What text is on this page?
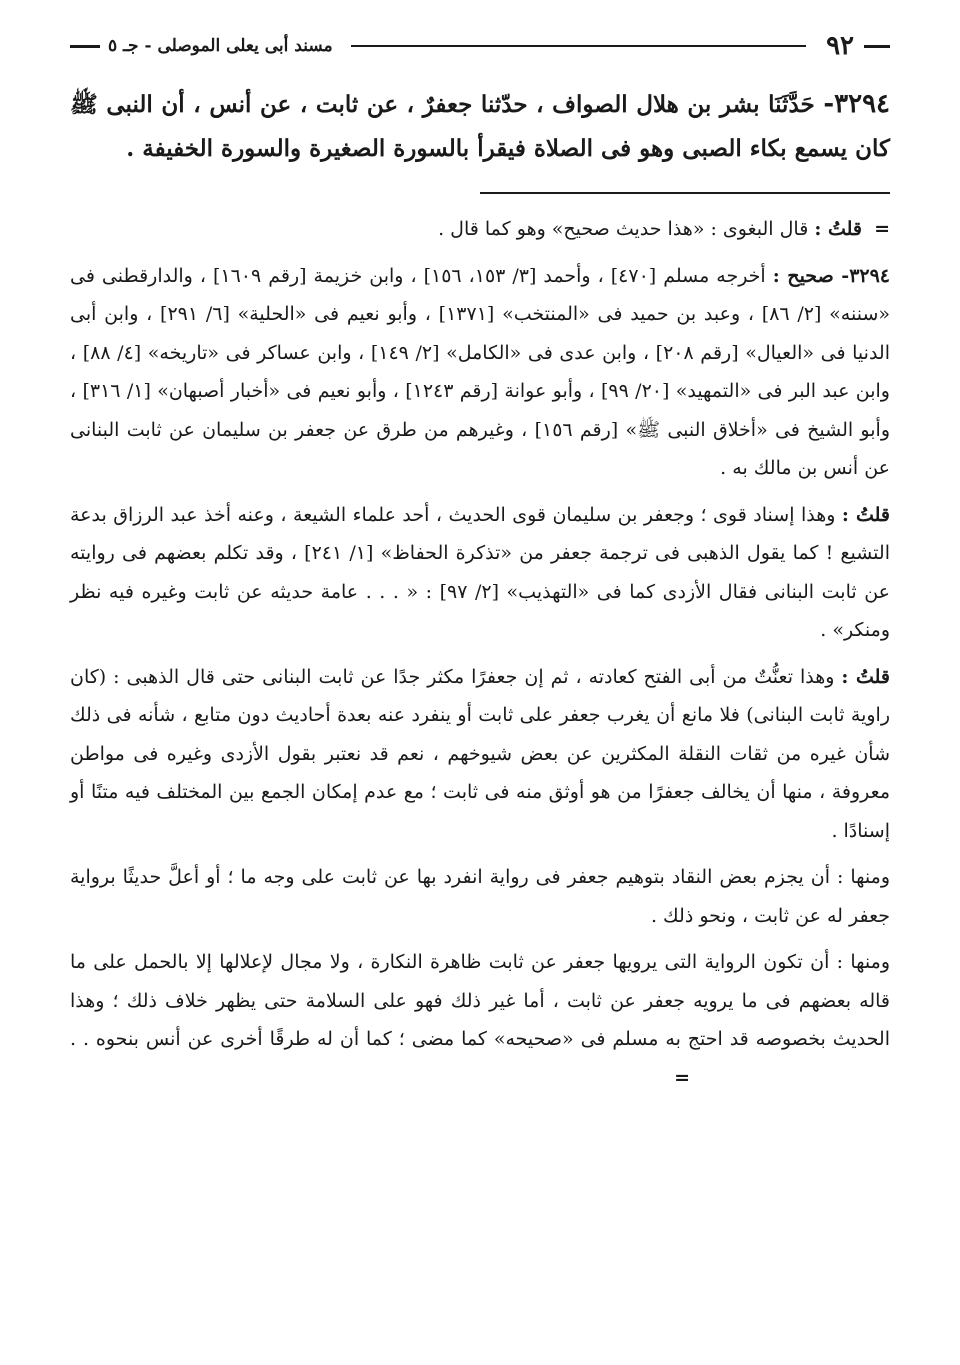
٩٢
مسند أبى يعلى الموصلى - جـ ٥
٣٢٩٤- حَدَّثَنَا بشر بن هلال الصواف ، حدّثنا جعفرٌ ، عن ثابت ، عن أنس ، أن النبى ﷺ كان يسمع بكاء الصبى وهو فى الصلاة فيقرأ بالسورة الصغيرة والسورة الخفيفة .

= قلتُ : قال البغوى : «هذا حديث صحيح» وهو كما قال .

٣٢٩٤- صحيح : أخرجه مسلم [٤٧٠] ، وأحمد [٣/ ١٥٣، ١٥٦] ، وابن خزيمة [رقم ١٦٠٩] ، والدارقطنى فى «سننه» [٢/ ٨٦] ، وعبد بن حميد فى «المنتخب» [١٣٧١] ، وأبو نعيم فى «الحلية» [٦/ ٢٩١] ، وابن أبى الدنيا فى «العيال» [رقم ٢٠٨] ، وابن عدى فى «الكامل» [٢/ ١٤٩] ، وابن عساكر فى «تاريخه» [٤/ ٨٨] ، وابن عبد البر فى «التمهيد» [٢٠/ ٩٩] ، وأبو عوانة [رقم ١٢٤٣] ، وأبو نعيم فى «أخبار أصبهان» [١/ ٣١٦] ، وأبو الشيخ فى «أخلاق النبى ﷺ» [رقم ١٥٦] ، وغيرهم من طرق عن جعفر بن سليمان عن ثابت البنانى عن أنس بن مالك به .

قلتُ : وهذا إسناد قوى ؛ وجعفر بن سليمان قوى الحديث ، أحد علماء الشيعة ، وعنه أخذ عبد الرزاق بدعة التشيع ! كما يقول الذهبى فى ترجمة جعفر من «تذكرة الحفاظ» [١/ ٢٤١] ، وقد تكلم بعضهم فى روايته عن ثابت البنانى فقال الأزدى كما فى «التهذيب» [٢/ ٩٧] : « . . . عامة حديثه عن ثابت وغيره فيه نظر ومنكر» .

قلتُ : وهذا تعنُّتٌ من أبى الفتح كعادته ، ثم إن جعفرًا مكثر جدًا عن ثابت البنانى حتى قال الذهبى : (كان راوية ثابت البنانى) فلا مانع أن يغرب جعفر على ثابت أو ينفرد عنه بعدة أحاديث دون متابع ، شأنه فى ذلك شأن غيره من ثقات النقلة المكثرين عن بعض شيوخهم ، نعم قد نعتبر بقول الأزدى وغيره فى مواطن معروفة ، منها أن يخالف جعفرًا من هو أوثق منه فى ثابت ؛ مع عدم إمكان الجمع بين المختلف فيه متنًا أو إسنادًا .

ومنها : أن يجزم بعض النقاد بتوهيم جعفر فى رواية انفرد بها عن ثابت على وجه ما ؛ أو أعلَّ حديثًا برواية جعفر له عن ثابت ، ونحو ذلك .

ومنها : أن تكون الرواية التى يرويها جعفر عن ثابت ظاهرة النكارة ، ولا مجال لإعلالها إلا بالحمل على ما قاله بعضهم فى ما يرويه جعفر عن ثابت ، أما غير ذلك فهو على السلامة حتى يظهر خلاف ذلك ؛ وهذا الحديث بخصوصه قد احتج به مسلم فى «صحيحه» كما مضى ؛ كما أن له طرقًا أخرى عن أنس بنحوه . . =
